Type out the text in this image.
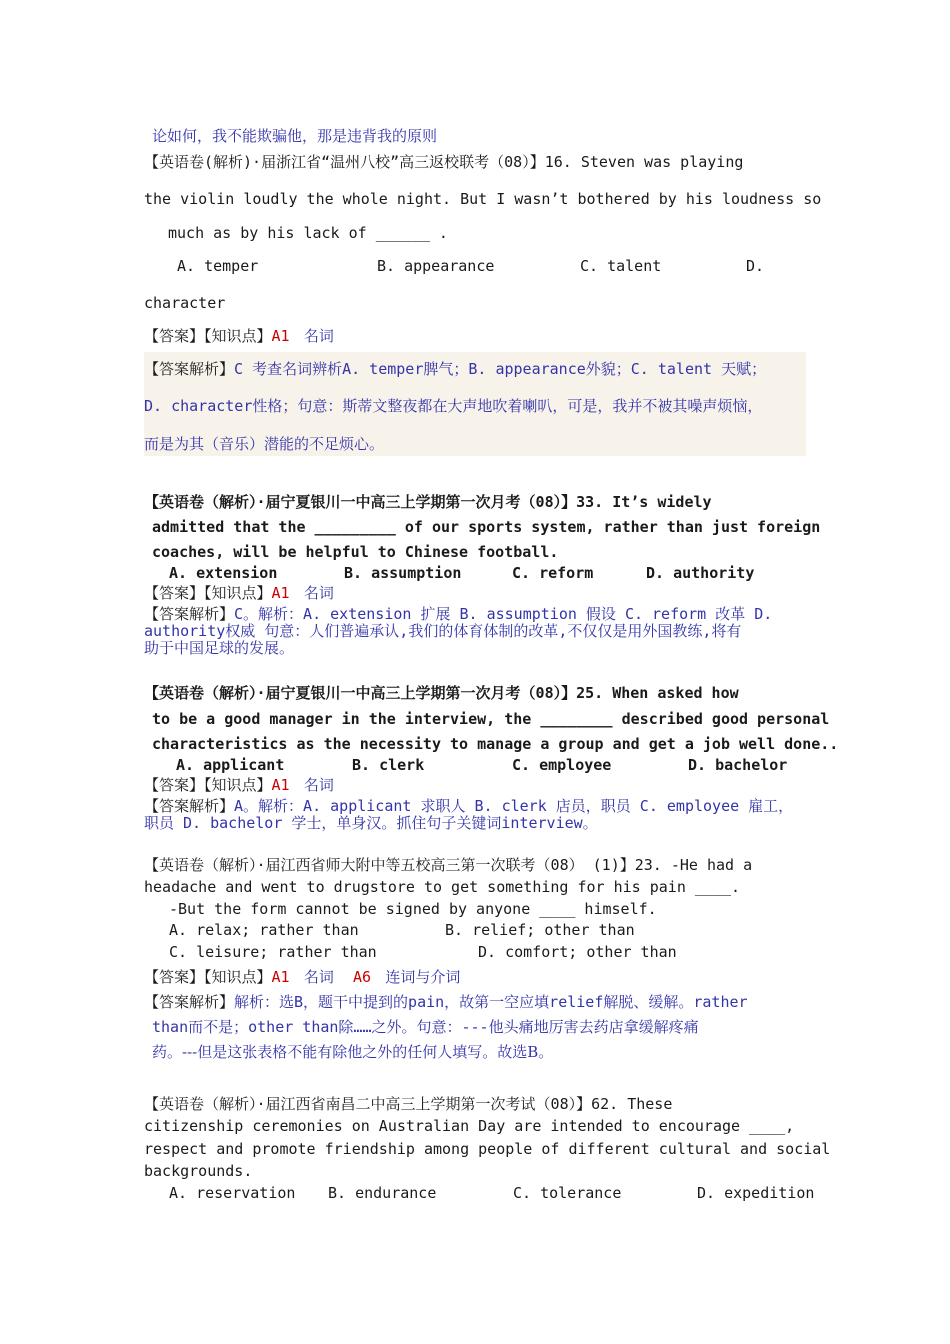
论如何，我不能欺骗他，那是违背我的原则
【英语卷(解析)·届浙江省“温州八校”高三返校联考（08）】16. Steven was playing
the violin loudly the whole night. But I wasn’t bothered by his loudness so
much as by his lack of ______ .
A. temper	B. appearance	C. talent	D.
character
【答案】【知识点】A1 名词
【答案解析】C 考查名词辨析A. temper脾气；B. appearance外貌；C. talent 天赋；
D. character性格；句意：斯蒂文整夜都在大声地吹着喇叭，可是，我并不被其噪声烦恼，
而是为其（音乐）潜能的不足烦心。
【英语卷（解析）·届宁夏银川一中高三上学期第一次月考（08）】33. It’s widely
admitted that the _________ of our sports system, rather than just foreign
coaches, will be helpful to Chinese football.
A. extension	B. assumption	C. reform	D. authority
【答案】【知识点】A1 名词
【答案解析】C。解析：A. extension 扩展 B. assumption 假设 C. reform 改革 D.
authority权威 句意：人们普遍承认,我们的体育体制的改革,不仅仅是用外国教练,将有
助于中国足球的发展。
【英语卷（解析）·届宁夏银川一中高三上学期第一次月考（08）】25. When asked how
to be a good manager in the interview, the ________ described good personal
characteristics as the necessity to manage a group and get a job well done..
A. applicant	B. clerk	C. employee	D. bachelor
【答案】【知识点】A1 名词
【答案解析】A。解析：A. applicant 求职人 B. clerk 店员，职员 C. employee 雇工，
职员 D. bachelor 学士，单身汉。抓住句子关键词interview。
【英语卷（解析）·届江西省师大附中等五校高三第一次联考（08） (1)】23. -He had a
headache and went to drugstore to get something for his pain ____.
-But the form cannot be signed by anyone ____ himself.
A. relax; rather than	B. relief; other than
C. leisure; rather than	D. comfort; other than
【答案】【知识点】A1 名词 A6 连词与介词
【答案解析】解析：选B，题干中提到的pain，故第一空应填relief解脱、缓解。rather
than而不是；other than除……之外。句意：---他头痛地厉害去药店拿缓解疼痛
药。---但是这张表格不能有除他之外的任何人填写。故选B。
【英语卷（解析）·届江西省南昌二中高三上学期第一次考试（08）】62. These
citizenship ceremonies on Australian Day are intended to encourage ____,
respect and promote friendship among people of different cultural and social
backgrounds.
A. reservation B. endurance	C. tolerance	D. expedition
